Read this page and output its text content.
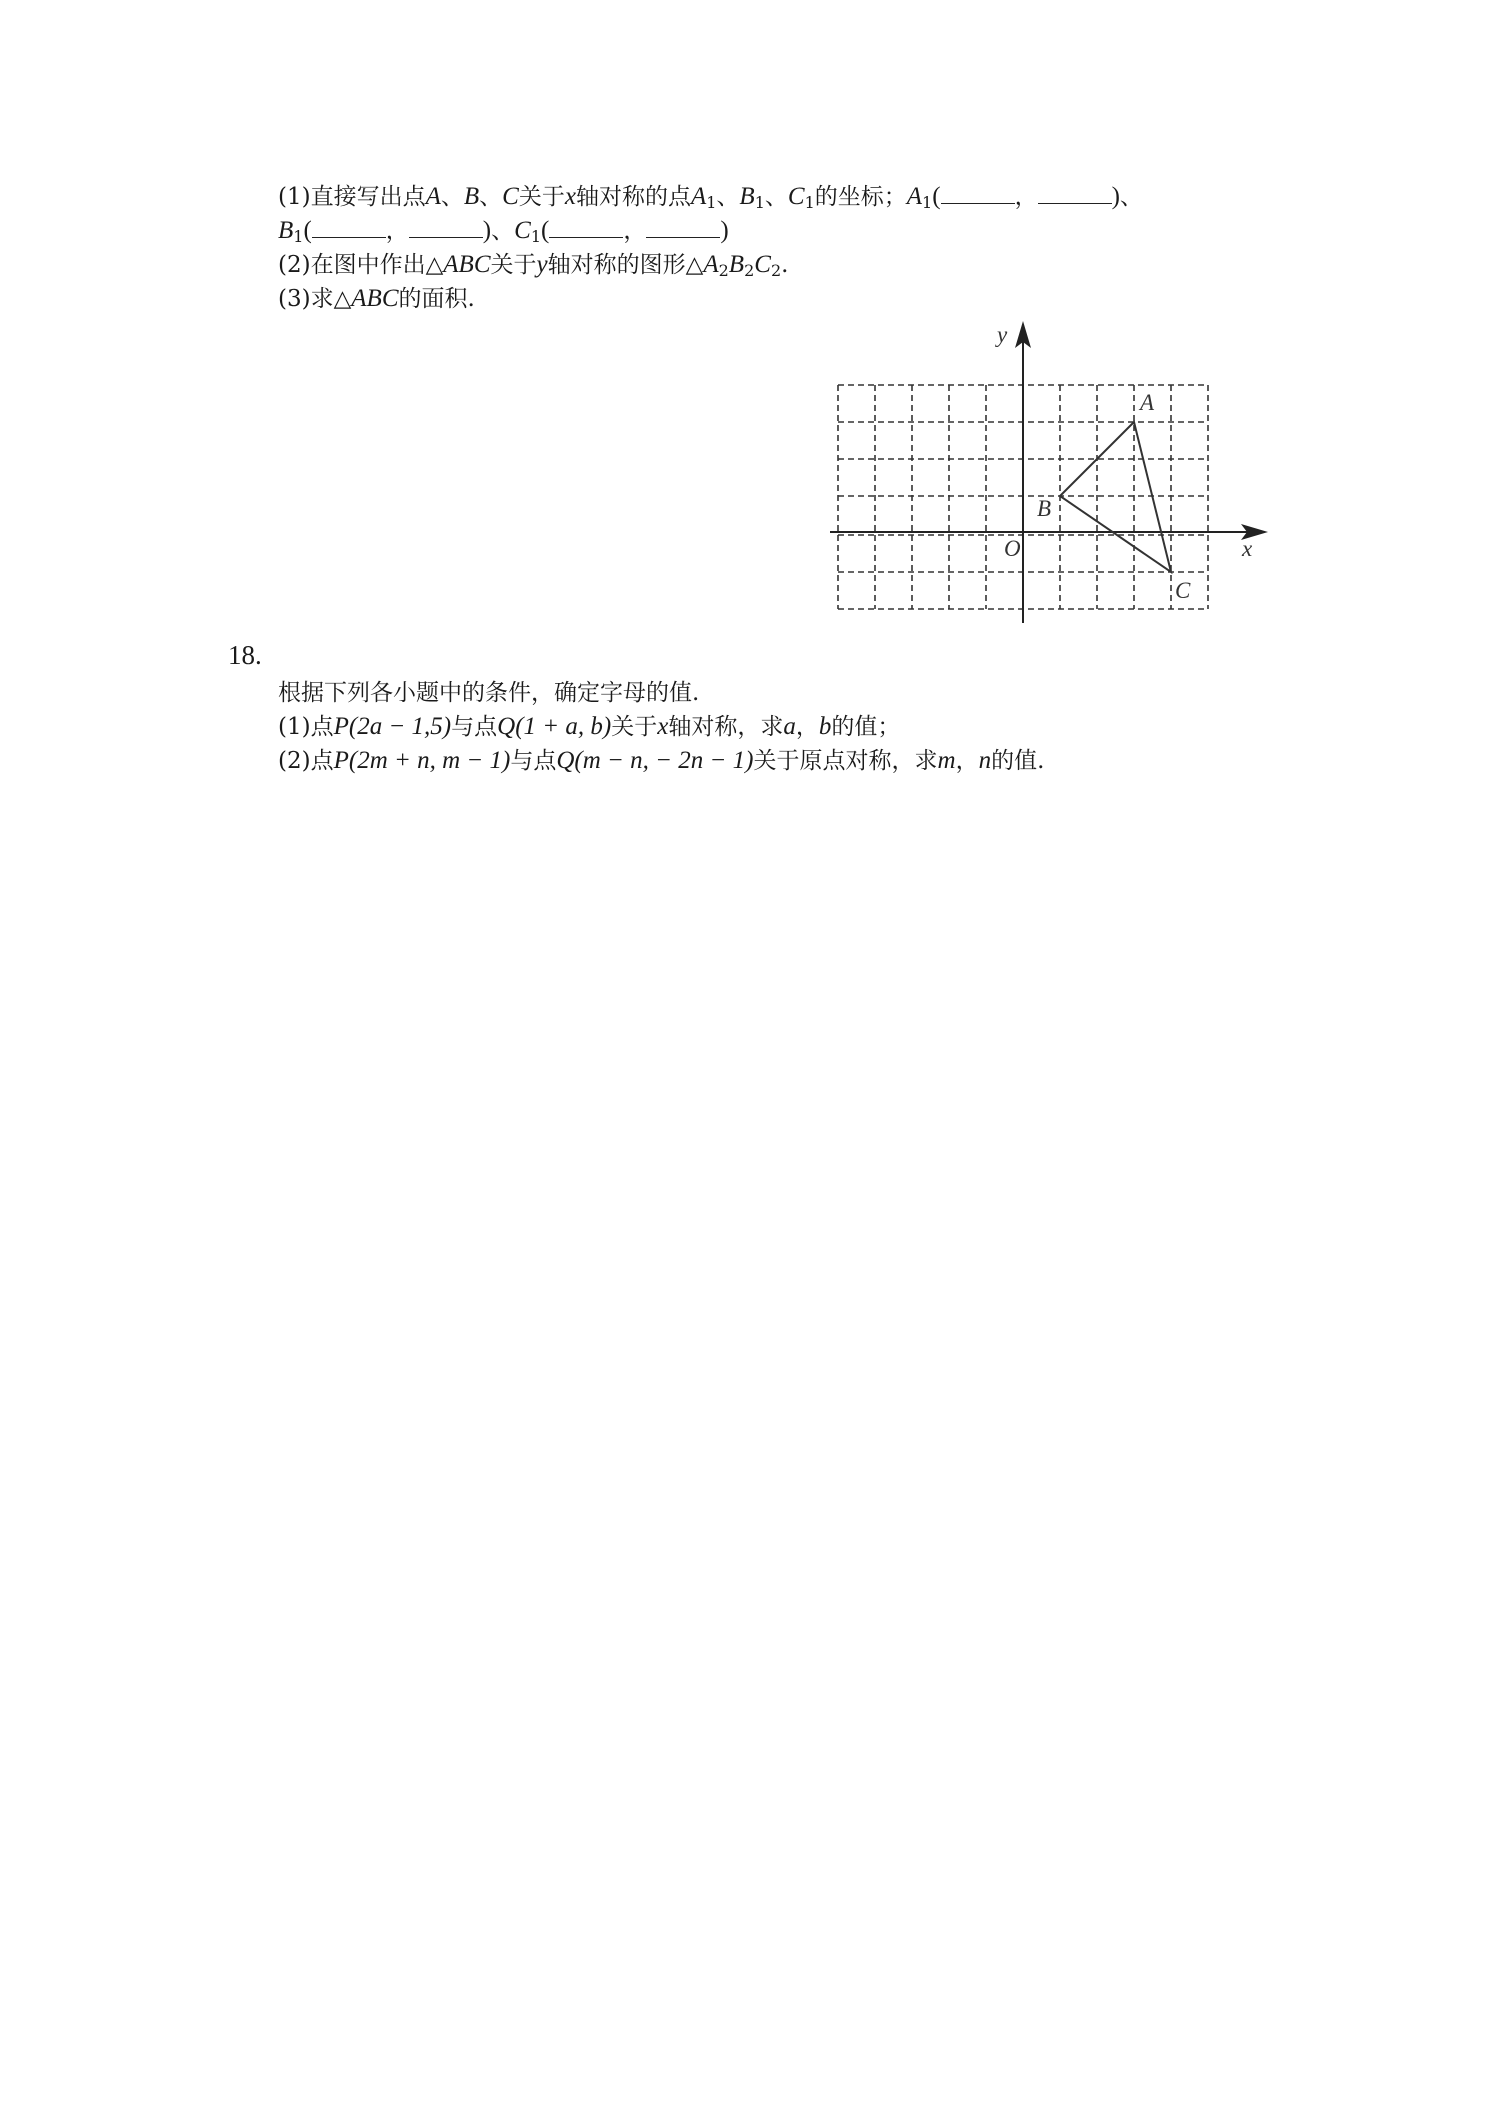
(1)直接写出点A、B、C关于x轴对称的点$A_1$、$B_1$、$C_1$的坐标；$A_1$(	，	)、
$B_1$(	，	)、$C_1$(	，	)
(2)在图中作出△ABC关于y轴对称的图形$\triangle A_2B_2C_2$.
(3)求△ABC的面积.
y
x
O
A
B
C
18.
根据下列各小题中的条件，确定字母的值.
(1)点P(2a − 1,5)与点Q(1 + a, b)关于x轴对称，求a，b的值；
(2)点P(2m + n, m − 1)与点Q(m − n, − 2n − 1)关于原点对称，求m，n的值.
